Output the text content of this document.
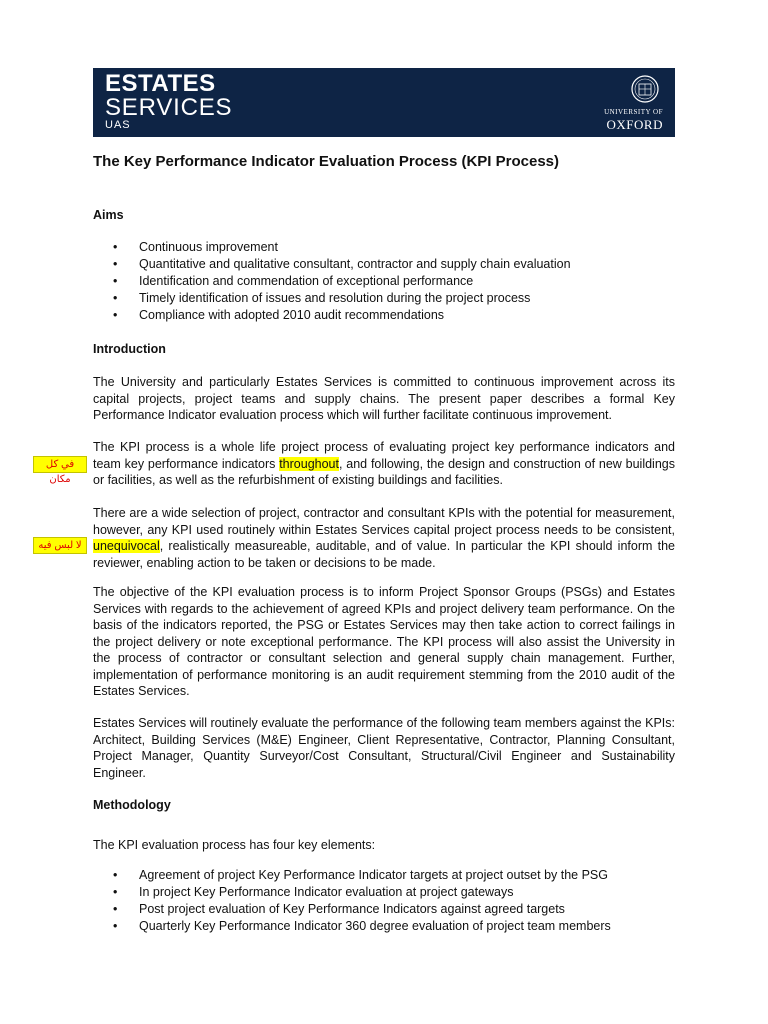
ESTATES
SERVICES
UAS
UNIVERSITY OF
OXFORD
The Key Performance Indicator Evaluation Process (KPI Process)
Aims
• Continuous improvement
• Quantitative and qualitative consultant, contractor and supply chain evaluation
• Identification and commendation of exceptional performance
• Timely identification of issues and resolution during the project process
• Compliance with adopted 2010 audit recommendations
Introduction
The University and particularly Estates Services is committed to continuous improvement across its capital projects, project teams and supply chains. The present paper describes a formal Key Performance Indicator evaluation process which will further facilitate continuous improvement.
The KPI process is a whole life project process of evaluating project key performance indicators and team key performance indicators throughout, and following, the design and construction of new buildings or facilities, as well as the refurbishment of existing buildings and facilities.
في كل مكان
There are a wide selection of project, contractor and consultant KPIs with the potential for measurement, however, any KPI used routinely within Estates Services capital project process needs to be consistent, unequivocal, realistically measureable, auditable, and of value. In particular the KPI should inform the reviewer, enabling action to be taken or decisions to be made.
لا لبس فيه
The objective of the KPI evaluation process is to inform Project Sponsor Groups (PSGs) and Estates Services with regards to the achievement of agreed KPIs and project delivery team performance. On the basis of the indicators reported, the PSG or Estates Services may then take action to correct failings in the project delivery or note exceptional performance. The KPI process will also assist the University in the process of contractor or consultant selection and general supply chain management. Further, implementation of performance monitoring is an audit requirement stemming from the 2010 audit of the Estates Services.
Estates Services will routinely evaluate the performance of the following team members against the KPIs: Architect, Building Services (M&E) Engineer, Client Representative, Contractor, Planning Consultant, Project Manager, Quantity Surveyor/Cost Consultant, Structural/Civil Engineer and Sustainability Engineer.
Methodology
The KPI evaluation process has four key elements:
• Agreement of project Key Performance Indicator targets at project outset by the PSG
• In project Key Performance Indicator evaluation at project gateways
• Post project evaluation of Key Performance Indicators against agreed targets
• Quarterly Key Performance Indicator 360 degree evaluation of project team members
